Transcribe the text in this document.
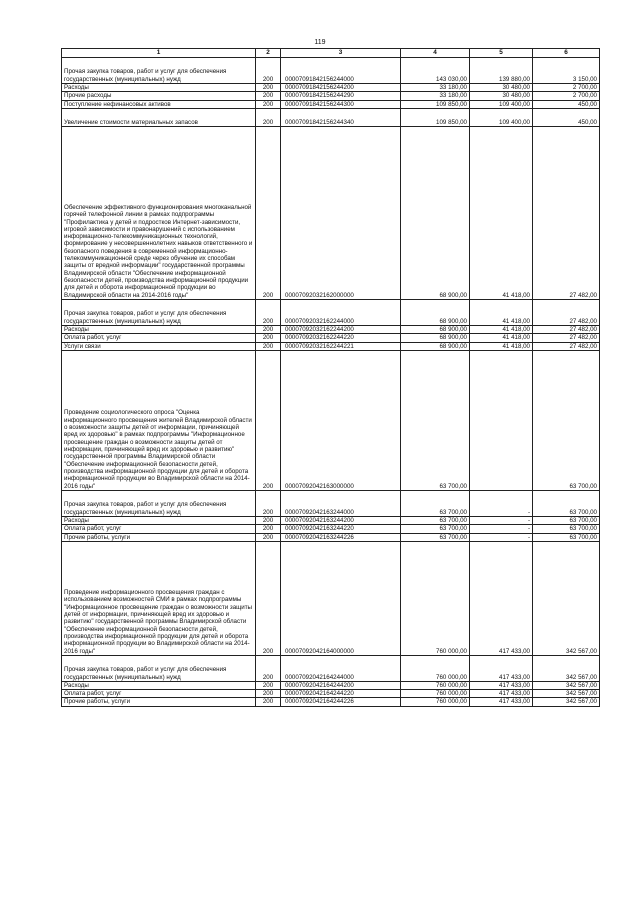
119
1	2	3	4	5	6
Прочая закупка товаров, работ и услуг для обеспечения государственных (муниципальных) нужд	200	00007091842156244000	143 030,00	139 880,00	3 150,00
Расходы	200	00007091842156244200	33 180,00	30 480,00	2 700,00
Прочие расходы	200	00007091842156244290	33 180,00	30 480,00	2 700,00
Поступление нефинансовых активов	200	00007091842156244300	109 850,00	109 400,00	450,00
Увеличение стоимости материальных запасов	200	00007091842156244340	109 850,00	109 400,00	450,00
Обеспечение эффективного функционирования многоканальной горячей телефонной линии в рамках подпрограммы "Профилактика у детей и подростков Интернет-зависимости, игровой зависимости и правонарушений с использованием информационно-телекоммуникационных технологий, формирование у несовершеннолетних навыков ответственного и безопасного поведения в современной информационно-телекоммуникационной среде через обучение их способам защиты от вредной информации" государственной программы Владимирской области "Обеспечение информационной безопасности детей, производства информационной продукции для детей и оборота информационной продукции во Владимирской области на 2014-2016 годы"	200	00007092032162000000	68 900,00	41 418,00	27 482,00
Прочая закупка товаров, работ и услуг для обеспечения государственных (муниципальных) нужд	200	00007092032162244000	68 900,00	41 418,00	27 482,00
Расходы	200	00007092032162244200	68 900,00	41 418,00	27 482,00
Оплата работ, услуг	200	00007092032162244220	68 900,00	41 418,00	27 482,00
Услуги связи	200	00007092032162244221	68 900,00	41 418,00	27 482,00
Проведение социологического опроса "Оценка информационного просвещения жителей Владимирской области о возможности защиты детей от информации, причиняющей вред их здоровью" в рамках подпрограммы "Информационное просвещение граждан о возможности защиты детей от информации, причиняющей вред их здоровью и развитию" государственной программы Владимирской области "Обеспечение информационной безопасности детей, производства информационной продукции для детей и оборота информационной продукции во Владимирской области на 2014-2016 годы"	200	00007092042163000000	63 700,00		63 700,00
Прочая закупка товаров, работ и услуг для обеспечения государственных (муниципальных) нужд	200	00007092042163244000	63 700,00	-	63 700,00
Расходы	200	00007092042163244200	63 700,00	-	63 700,00
Оплата работ, услуг	200	00007092042163244220	63 700,00	-	63 700,00
Прочие работы, услуги	200	00007092042163244226	63 700,00	-	63 700,00
Проведение информационного просвещения граждан с использованием возможностей СМИ в рамках подпрограммы "Информационное просвещение граждан о возможности защиты детей от информации, причиняющей вред их здоровью и развитию" государственной программы Владимирской области "Обеспечение информационной безопасности детей, производства информационной продукции для детей и оборота информационной продукции во Владимирской области на 2014-2016 годы"	200	00007092042164000000	760 000,00	417 433,00	342 567,00
Прочая закупка товаров, работ и услуг для обеспечения государственных (муниципальных) нужд	200	00007092042164244000	760 000,00	417 433,00	342 567,00
Расходы	200	00007092042164244200	760 000,00	417 433,00	342 567,00
Оплата работ, услуг	200	00007092042164244220	760 000,00	417 433,00	342 567,00
Прочие работы, услуги	200	00007092042164244226	760 000,00	417 433,00	342 567,00
